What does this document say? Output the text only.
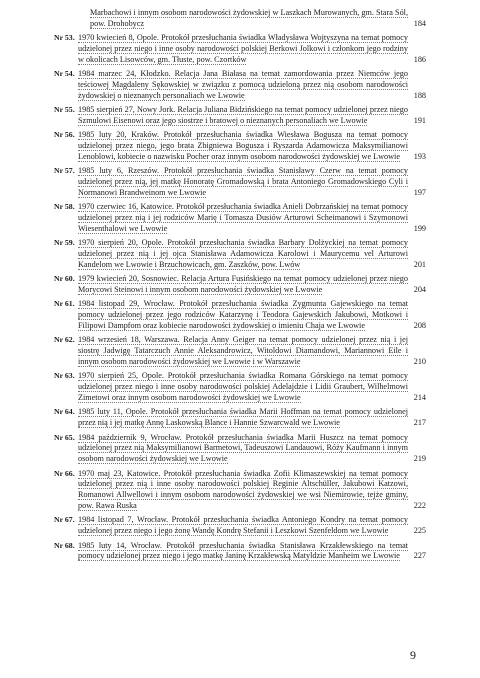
Marbachowi i innym osobom narodowości żydowskiej w Laszkach Murowanych, gm. Stara Sól, pow. Drohobycz	184
Nr 53. 1970 kwiecień 8, Opole. Protokół przesłuchania świadka Władysława Wojtyszyna na temat pomocy udzielonej przez niego i inne osoby narodowości polskiej Berkowi Jolkowi i członkom jego rodziny w okolicach Lisowców, gm. Tłuste, pow. Czortków	186
Nr 54. 1984 marzec 24, Kłodzko. Relacja Jana Białasa na temat zamordowania przez Niemców jego teściowej Magdaleny Sękowskiej w związku z pomocą udzieloną przez nią osobom narodowości żydowskiej o nieznanych personaliach we Lwowie	188
Nr 55. 1985 sierpień 27, Nowy Jork. Relacja Juliana Bidzińskiego na temat pomocy udzielonej przez niego Szmulowi Eisenowi oraz jego siostrze i bratowej o nieznanych personaliach we Lwowie	191
Nr 56. 1985 luty 20, Kraków. Protokół przesłuchania świadka Wiesława Bogusza na temat pomocy udzielonej przez niego, jego brata Zbigniewa Bogusza i Ryszarda Adamowicza Maksymilianowi Lenoblowi, kobiecie o nazwisku Pocher oraz innym osobom narodowości żydowskiej we Lwowie	193
Nr 57. 1985 luty 6, Rzeszów. Protokół przesłuchania świadka Stanisławy Czerw na temat pomocy udzielonej przez nią, jej matkę Honoratę Gromadowską i brata Antoniego Gromadowskiego Cyli i Normanowi Brandweinom we Lwowie	197
Nr 58. 1970 czerwiec 16, Katowice. Protokół przesłuchania świadka Anieli Dobrzańskiej na temat pomocy udzielonej przez nią i jej rodziców Marię i Tomasza Dusiów Arturowi Scheimanowi i Szymonowi Wiesenthalowi we Lwowie	199
Nr 59. 1970 sierpień 20, Opole. Protokół przesłuchania świadka Barbary Dolżyckiej na temat pomocy udzielonej przez nią i jej ojca Stanisława Adamowicza Karolowi i Maurycemu vel Arturowi Kandelom we Lwowie i Brzuchowicach, gm. Zaszków, pow. Lwów	201
Nr 60. 1979 kwiecień 20, Sosnowiec. Relacja Artura Fusińskiego na temat pomocy udzielonej przez niego Morycowi Steinowi i innym osobom narodowości żydowskiej we Lwowie	204
Nr 61. 1984 listopad 29, Wrocław. Protokół przesłuchania świadka Zygmunta Gajewskiego na temat pomocy udzielonej przez jego rodziców Katarzynę i Teodora Gajewskich Jakubowi, Motkowi i Filipowi Dampfom oraz kobiecie narodowości żydowskiej o imieniu Chaja we Lwowie	208
Nr 62. 1984 wrzesień 18, Warszawa. Relacja Anny Geiger na temat pomocy udzielonej przez nią i jej siostrę Jadwigę Tatarczuch Annie Aleksandrowicz, Witoldowi Diamandowi, Mariannowi Eile i innym osobom narodowości żydowskiej we Lwowie i w Warszawie	210
Nr 63. 1970 sierpień 25, Opole. Protokół przesłuchania świadka Romana Górskiego na temat pomocy udzielonej przez niego i inne osoby narodowości polskiej Adelajdzie i Lidii Graubert, Wilhelmowi Zimetowi oraz innym osobom narodowości żydowskiej we Lwowie	214
Nr 64. 1985 luty 11, Opole. Protokół przesłuchania świadka Marii Hoffman na temat pomocy udzielonej przez nią i jej matkę Annę Laskowską Blance i Hannie Szwarcwald we Lwowie	217
Nr 65. 1984 październik 9, Wrocław. Protokół przesłuchania świadka Marii Huszcz na temat pomocy udzielonej przez nią Maksymilianowi Barmetowi, Tadeuszowi Landauowi, Róży Kaufmann i innym osobom narodowości żydowskiej we Lwowie	219
Nr 66. 1970 maj 23, Katowice. Protokół przesłuchania świadka Zofii Klimaszewskiej na temat pomocy udzielonej przez nią i inne osoby narodowości polskiej Reginie Altschüller, Jakubowi Katzowi, Romanowi Allwellowi i innym osobom narodowości żydowskiej we wsi Niemirowie, tejże gminy, pow. Rawa Ruska	222
Nr 67. 1984 listopad 7, Wrocław. Protokół przesłuchania świadka Antoniego Kondry na temat pomocy udzielonej przez niego i jego żonę Wandę Kondrę Stefanii i Leszkowi Szenfeldom we Lwowie	225
Nr 68. 1985 luty 14, Wrocław. Protokół przesłuchania świadka Stanisława Krzakłewskiego na temat pomocy udzielonej przez niego i jego matkę Janinę Krzakłewską Matyldzie Manheim we Lwowie	227
9
